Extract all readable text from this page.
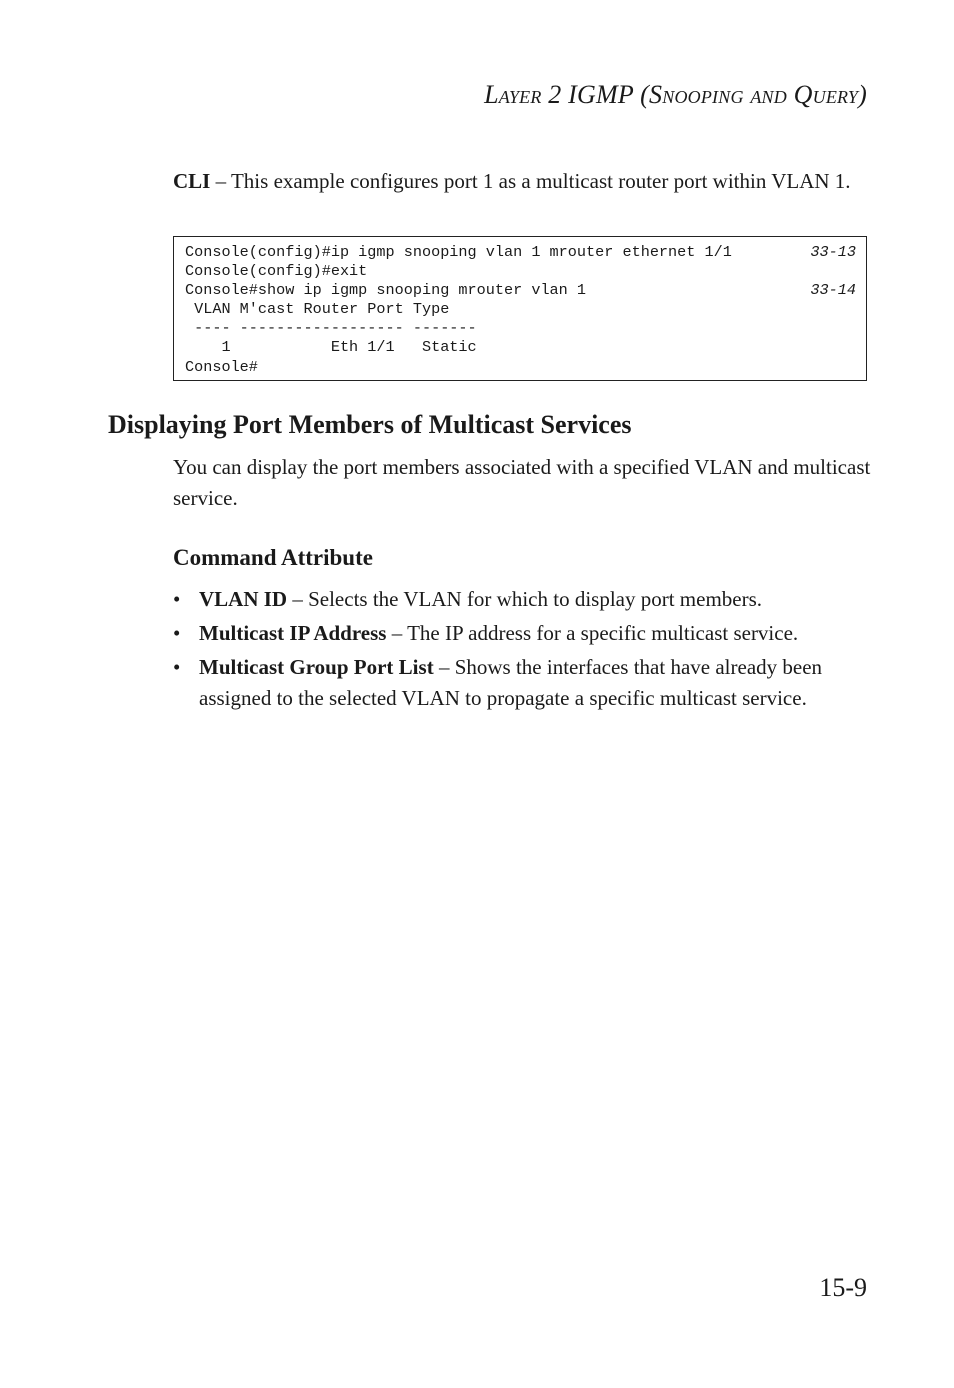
Layer 2 IGMP (Snooping and Query)
CLI – This example configures port 1 as a multicast router port within VLAN 1.
Console(config)#ip igmp snooping vlan 1 mrouter ethernet 1/1	33-13
Console(config)#exit
Console#show ip igmp snooping mrouter vlan 1	33-14
VLAN M'cast Router Port Type
---- ------------------ -------
1           Eth 1/1   Static
Console#
Displaying Port Members of Multicast Services

You can display the port members associated with a specified VLAN and multicast service.

Command Attribute
• VLAN ID – Selects the VLAN for which to display port members.
• Multicast IP Address – The IP address for a specific multicast service.
• Multicast Group Port List – Shows the interfaces that have already been assigned to the selected VLAN to propagate a specific multicast service.
15-9
